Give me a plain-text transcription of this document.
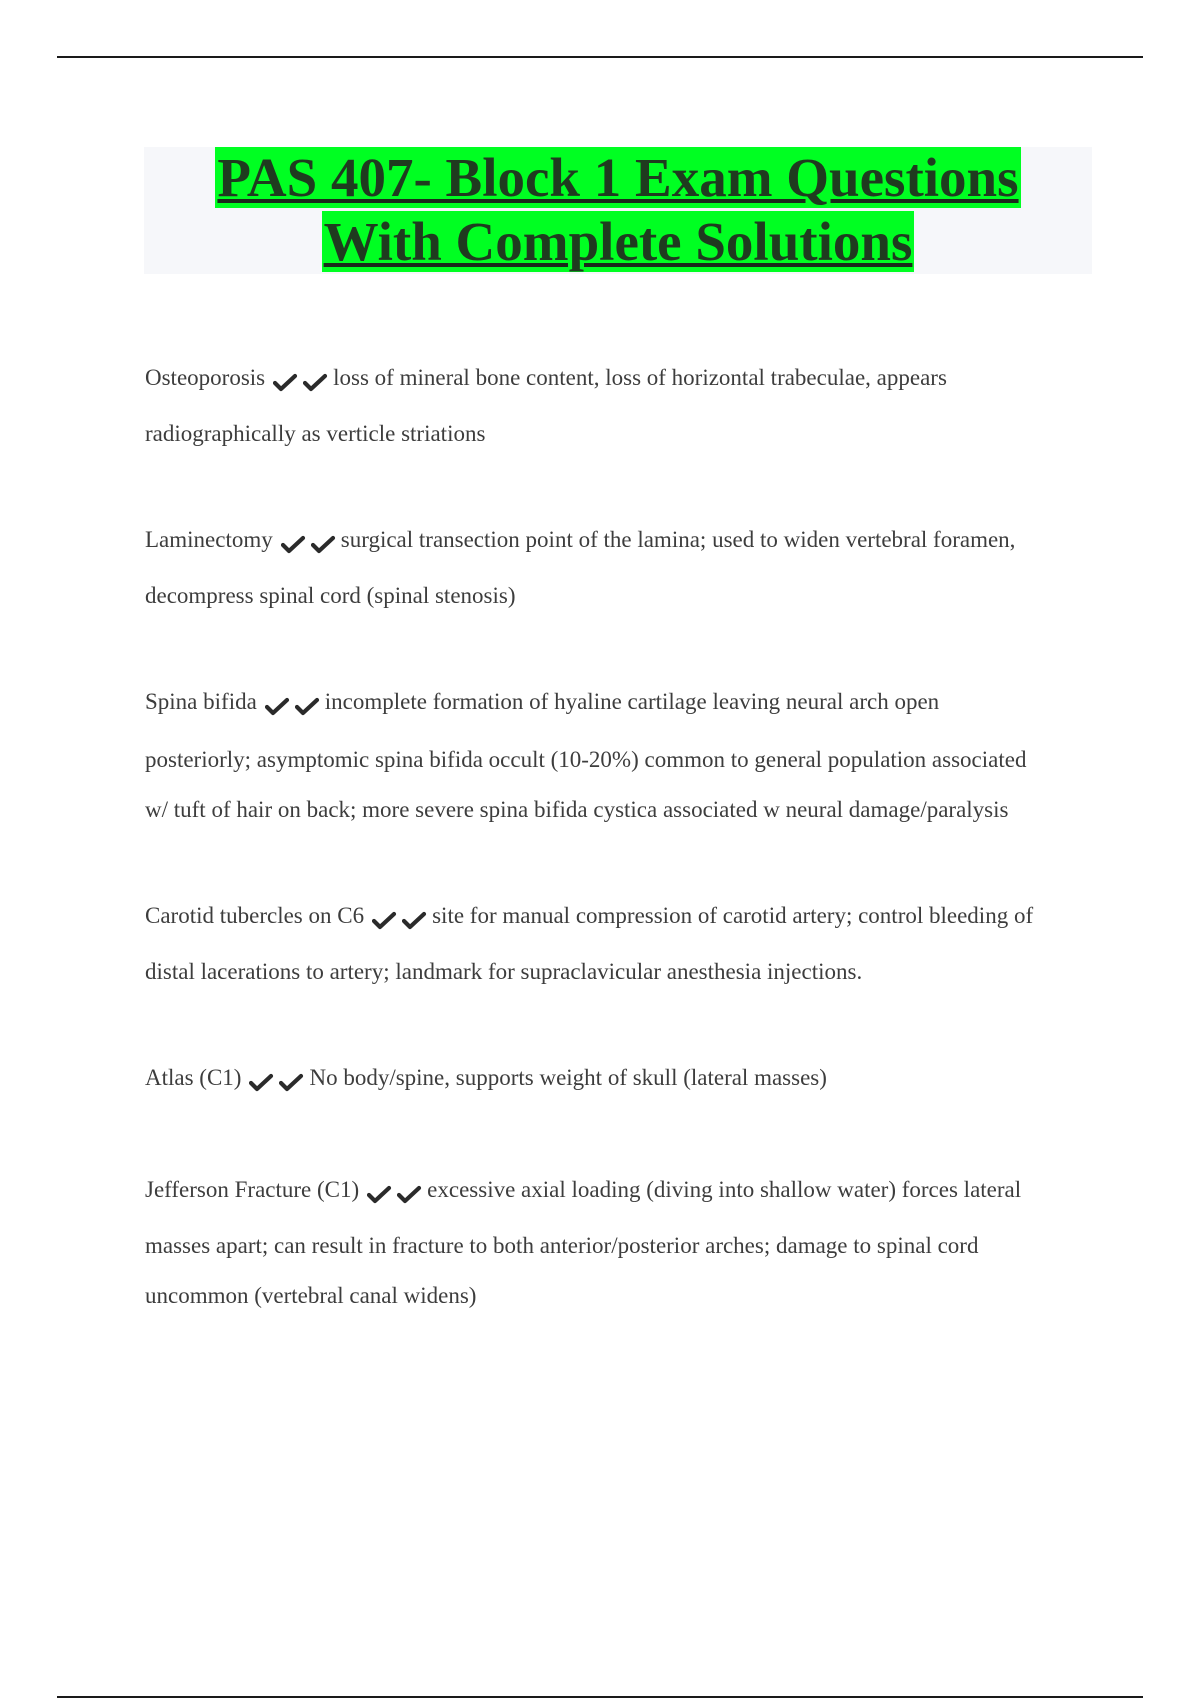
PAS 407- Block 1 Exam Questions
With Complete Solutions
Osteoporosis	loss of mineral bone content, loss of horizontal trabeculae, appears
radiographically as verticle striations
Laminectomy	surgical transection point of the lamina; used to widen vertebral foramen,
decompress spinal cord (spinal stenosis)
Spina bifida	incomplete formation of hyaline cartilage leaving neural arch open
posteriorly; asymptomic spina bifida occult (10-20%) common to general population associated
w/ tuft of hair on back; more severe spina bifida cystica associated w neural damage/paralysis
Carotid tubercles on C6	site for manual compression of carotid artery; control bleeding of
distal lacerations to artery; landmark for supraclavicular anesthesia injections.
Atlas (C1)	No body/spine, supports weight of skull (lateral masses)
Jefferson Fracture (C1)	excessive axial loading (diving into shallow water) forces lateral
masses apart; can result in fracture to both anterior/posterior arches; damage to spinal cord
uncommon (vertebral canal widens)
